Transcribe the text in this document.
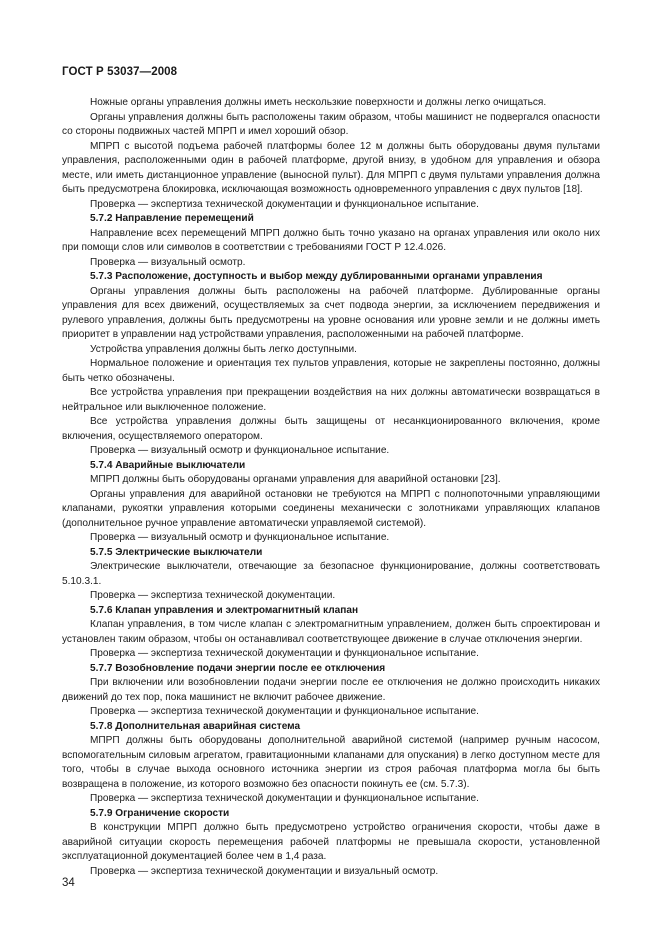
ГОСТ Р 53037—2008

Ножные органы управления должны иметь нескользкие поверхности и должны легко очищаться.

Органы управления должны быть расположены таким образом, чтобы машинист не подвергался опасности со стороны подвижных частей МПРП и имел хороший обзор.

МПРП с высотой подъема рабочей платформы более 12 м должны быть оборудованы двумя пультами управления, расположенными один в рабочей платформе, другой внизу, в удобном для управления и обзора месте, или иметь дистанционное управление (выносной пульт). Для МПРП с двумя пультами управления должна быть предусмотрена блокировка, исключающая возможность одновременного управления с двух пультов [18].

Проверка — экспертиза технической документации и функциональное испытание.

5.7.2 Направление перемещений

Направление всех перемещений МПРП должно быть точно указано на органах управления или около них при помощи слов или символов в соответствии с требованиями ГОСТ Р 12.4.026.

Проверка — визуальный осмотр.

5.7.3 Расположение, доступность и выбор между дублированными органами управления

Органы управления должны быть расположены на рабочей платформе. Дублированные органы управления для всех движений, осуществляемых за счет подвода энергии, за исключением передвижения и рулевого управления, должны быть предусмотрены на уровне основания или уровне земли и не должны иметь приоритет в управлении над устройствами управления, расположенными на рабочей платформе.

Устройства управления должны быть легко доступными.

Нормальное положение и ориентация тех пультов управления, которые не закреплены постоянно, должны быть четко обозначены.

Все устройства управления при прекращении воздействия на них должны автоматически возвращаться в нейтральное или выключенное положение.

Все устройства управления должны быть защищены от несанкционированного включения, кроме включения, осуществляемого оператором.

Проверка — визуальный осмотр и функциональное испытание.

5.7.4 Аварийные выключатели

МПРП должны быть оборудованы органами управления для аварийной остановки [23].

Органы управления для аварийной остановки не требуются на МПРП с полнопоточными управляющими клапанами, рукоятки управления которыми соединены механически с золотниками управляющих клапанов (дополнительное ручное управление автоматически управляемой системой).

Проверка — визуальный осмотр и функциональное испытание.

5.7.5 Электрические выключатели

Электрические выключатели, отвечающие за безопасное функционирование, должны соответствовать 5.10.3.1.

Проверка — экспертиза технической документации.

5.7.6 Клапан управления и электромагнитный клапан

Клапан управления, в том числе клапан с электромагнитным управлением, должен быть спроектирован и установлен таким образом, чтобы он останавливал соответствующее движение в случае отключения энергии.

Проверка — экспертиза технической документации и функциональное испытание.

5.7.7 Возобновление подачи энергии после ее отключения

При включении или возобновлении подачи энергии после ее отключения не должно происходить никаких движений до тех пор, пока машинист не включит рабочее движение.

Проверка — экспертиза технической документации и функциональное испытание.

5.7.8 Дополнительная аварийная система

МПРП должны быть оборудованы дополнительной аварийной системой (например ручным насосом, вспомогательным силовым агрегатом, гравитационными клапанами для опускания) в легко доступном месте для того, чтобы в случае выхода основного источника энергии из строя рабочая платформа могла бы быть возвращена в положение, из которого возможно без опасности покинуть ее (см. 5.7.3).

Проверка — экспертиза технической документации и функциональное испытание.

5.7.9 Ограничение скорости

В конструкции МПРП должно быть предусмотрено устройство ограничения скорости, чтобы даже в аварийной ситуации скорость перемещения рабочей платформы не превышала скорости, установленной эксплуатационной документацией более чем в 1,4 раза.

Проверка — экспертиза технической документации и визуальный осмотр.

34
